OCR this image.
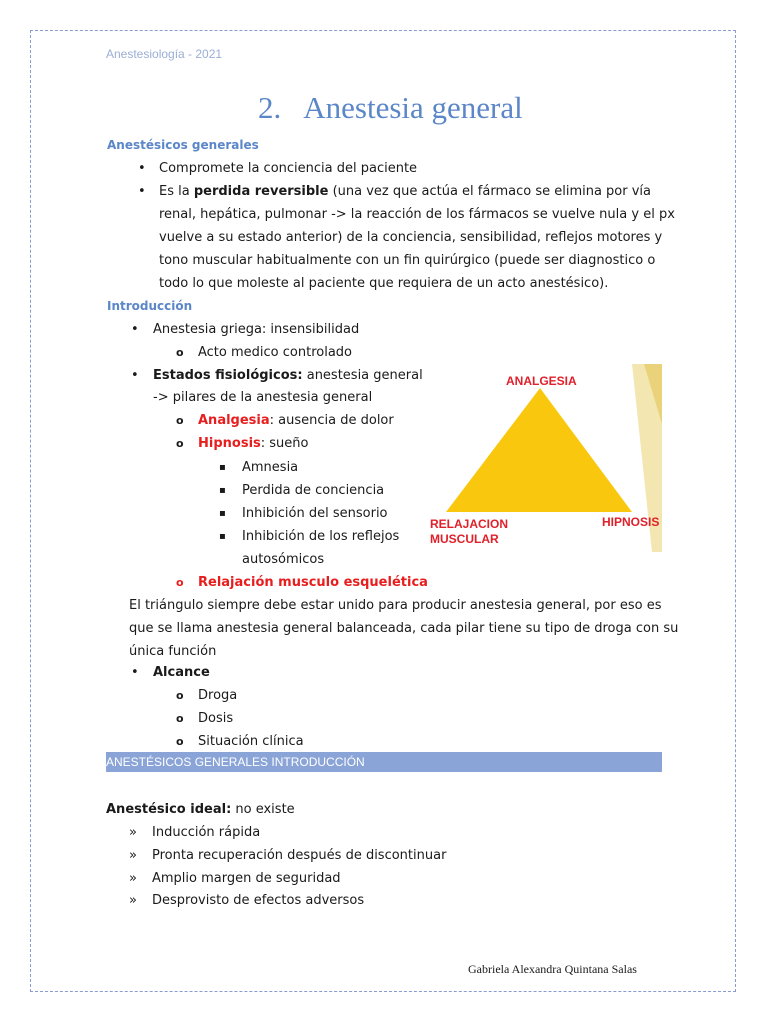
Anestesiología - 2021
2. Anestesia general
Anestésicos generales
• Compromete la conciencia del paciente
• Es la perdida reversible (una vez que actúa el fármaco se elimina por vía
renal, hepática, pulmonar -> la reacción de los fármacos se vuelve nula y el px
vuelve a su estado anterior) de la conciencia, sensibilidad, reflejos motores y
tono muscular habitualmente con un fin quirúrgico (puede ser diagnostico o
todo lo que moleste al paciente que requiera de un acto anestésico).
Introducción
• Anestesia griega: insensibilidad
o Acto medico controlado
• Estados fisiológicos: anestesia general
-> pilares de la anestesia general
o Analgesia: ausencia de dolor
o Hipnosis: sueño
▪ Amnesia
▪ Perdida de conciencia
▪ Inhibición del sensorio
▪ Inhibición de los reflejos
autosómicos
o Relajación musculo esquelética
El triángulo siempre debe estar unido para producir anestesia general, por eso es
que se llama anestesia general balanceada, cada pilar tiene su tipo de droga con su
única función
• Alcance
o Droga
o Dosis
o Situación clínica
ANALGESIA
RELAJACION
MUSCULAR
HIPNOSIS
ANESTÉSICOS GENERALES INTRODUCCIÓN
Anestésico ideal: no existe
» Inducción rápida
» Pronta recuperación después de discontinuar
» Amplio margen de seguridad
» Desprovisto de efectos adversos
Gabriela Alexandra Quintana Salas
